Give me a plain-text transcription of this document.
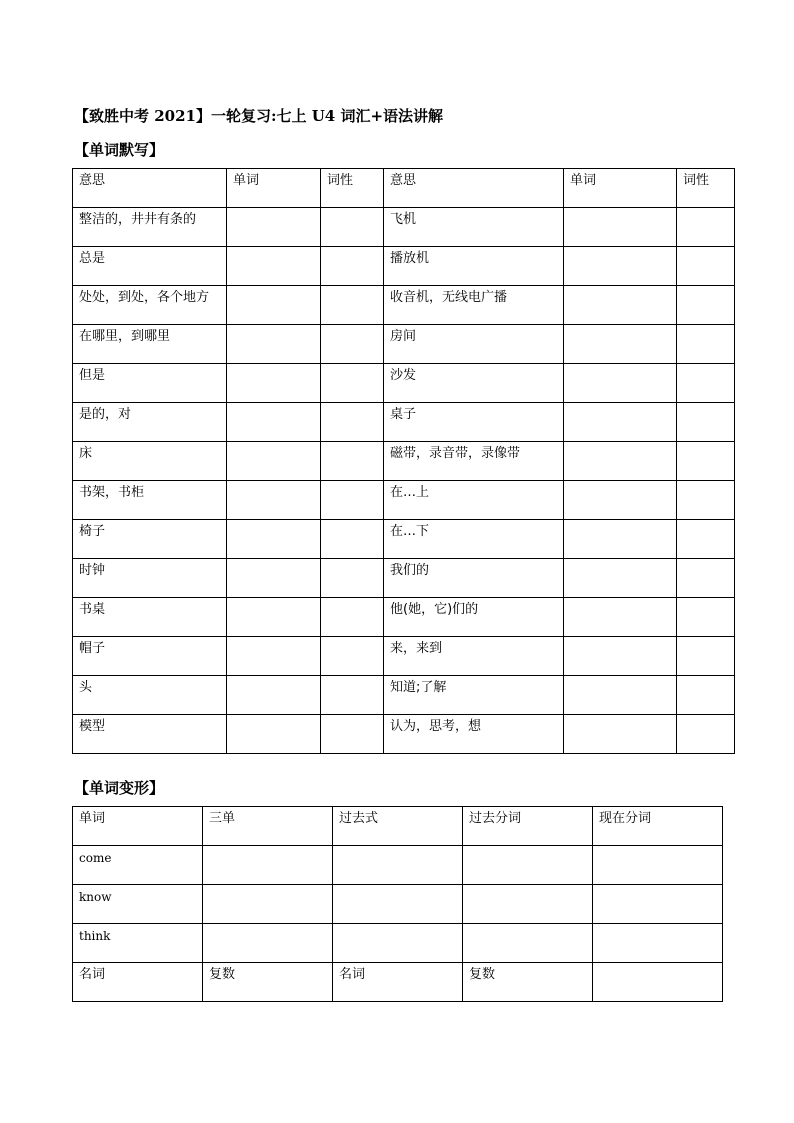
【致胜中考 2021】一轮复习:七上 U4 词汇+语法讲解
【单词默写】
意思	单词	词性	意思	单词	词性
整洁的，井井有条的			飞机		
总是			播放机		
处处，到处，各个地方			收音机，无线电广播		
在哪里，到哪里			房间		
但是			沙发		
是的，对			桌子		
床			磁带，录音带，录像带		
书架，书柜			在…上		
椅子			在…下		
时钟			我们的		
书桌			他(她，它)们的		
帽子			来，来到		
头			知道;了解		
模型			认为，思考，想		
【单词变形】
单词	三单	过去式	过去分词	现在分词
come				
know				
think				
名词	复数	名词	复数	
